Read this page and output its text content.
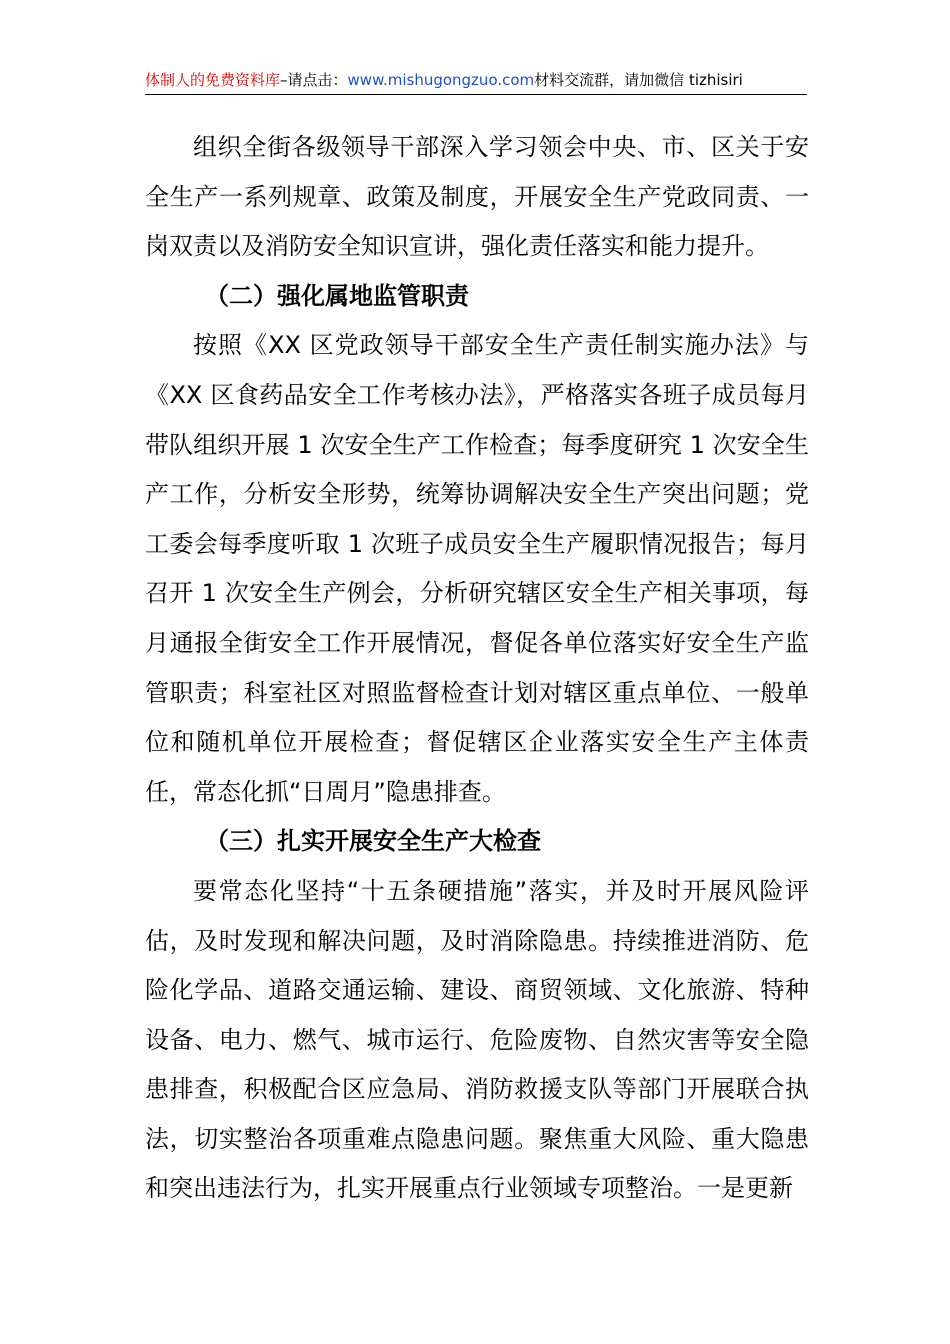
体制人的免费资料库–请点击：www.mishugongzuo.com材料交流群，请加微信 tizhisiri

组织全街各级领导干部深入学习领会中央、市、区关于安全生产一系列规章、政策及制度，开展安全生产党政同责、一岗双责以及消防安全知识宣讲，强化责任落实和能力提升。

（二）强化属地监管职责

按照《XX 区党政领导干部安全生产责任制实施办法》与《XX 区食药品安全工作考核办法》，严格落实各班子成员每月带队组织开展 1 次安全生产工作检查；每季度研究 1 次安全生产工作，分析安全形势，统筹协调解决安全生产突出问题；党工委会每季度听取 1 次班子成员安全生产履职情况报告；每月召开 1 次安全生产例会，分析研究辖区安全生产相关事项，每月通报全街安全工作开展情况，督促各单位落实好安全生产监管职责；科室社区对照监督检查计划对辖区重点单位、一般单位和随机单位开展检查；督促辖区企业落实安全生产主体责任，常态化抓“日周月”隐患排查。

（三）扎实开展安全生产大检查

要常态化坚持“十五条硬措施”落实，并及时开展风险评估，及时发现和解决问题，及时消除隐患。持续推进消防、危险化学品、道路交通运输、建设、商贸领域、文化旅游、特种设备、电力、燃气、城市运行、危险废物、自然灾害等安全隐患排查，积极配合区应急局、消防救援支队等部门开展联合执法，切实整治各项重难点隐患问题。聚焦重大风险、重大隐患和突出违法行为，扎实开展重点行业领域专项整治。一是更新
